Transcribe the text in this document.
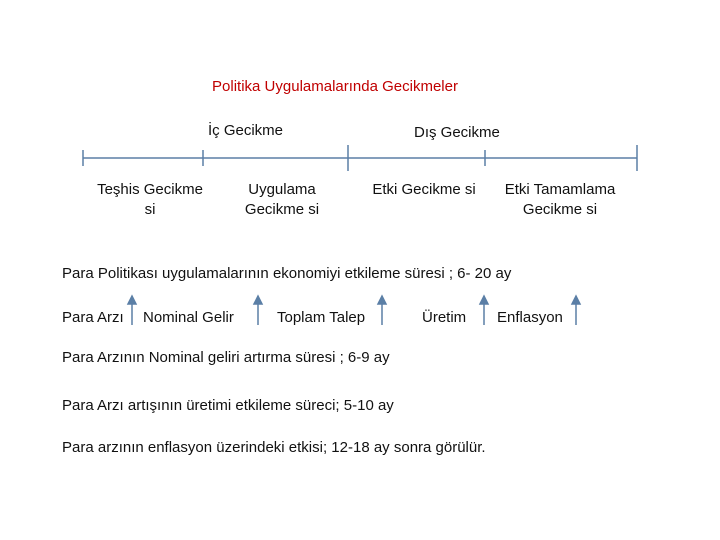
Politika Uygulamalarında Gecikmeler
İç Gecikme	Dış Gecikme
Teşhis Gecikme si
Uygulama Gecikme si
Etki Gecikme si	Etki Tamamlama Gecikme si
Para Politikası uygulamalarının ekonomiyi etkileme süresi ; 6- 20 ay
Para Arzı Nominal Gelir	Toplam Talep	Üretim Enflasyon
Para Arzının Nominal geliri artırma süresi ; 6-9 ay
Para Arzı artışının üretimi etkileme süreci; 5-10 ay
Para arzının enflasyon üzerindeki etkisi; 12-18 ay sonra görülür.
